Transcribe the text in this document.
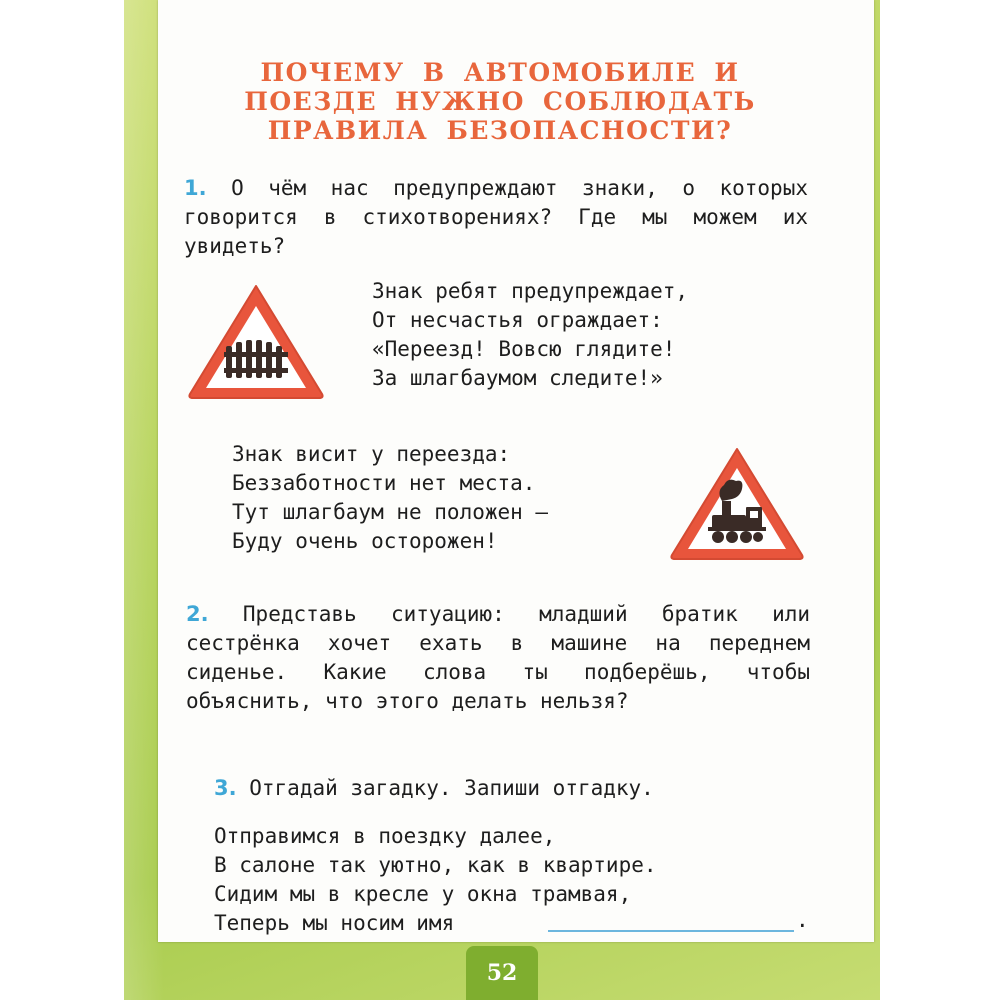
ПОЧЕМУ В АВТОМОБИЛЕ И ПОЕЗДЕ НУЖНО СОБЛЮДАТЬ ПРАВИЛА БЕЗОПАСНОСТИ?

1. О чём нас предупреждают знаки, о которых говорится в стихотворениях? Где мы можем их увидеть?

Знак ребят предупреждает,
От несчастья ограждает:
«Переезд! Вовсю глядите!
За шлагбаумом следите!»

Знак висит у переезда:
Беззаботности нет места.
Тут шлагбаум не положен —
Буду очень осторожен!

2. Представь ситуацию: младший братик или сестрёнка хочет ехать в машине на переднем сиденье. Какие слова ты подберёшь, чтобы объяснить, что этого делать нельзя?

3. Отгадай загадку. Запиши отгадку.

Отправимся в поездку далее,
В салоне так уютно, как в квартире.
Сидим мы в кресле у окна трамвая,
Теперь мы носим имя	.
52
